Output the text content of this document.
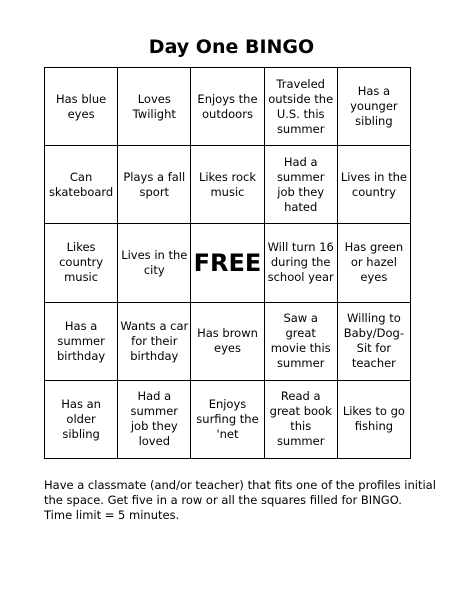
Day One BINGO
Has blue eyes
Loves Twilight
Enjoys the outdoors
Traveled outside the U.S. this summer
Has a younger sibling
Can skateboard
Plays a fall sport
Likes rock music
Had a summer job they hated
Lives in the country
Likes country music
Lives in the city	FREE
Will turn 16 during the school year
Has green or hazel eyes
Has a summer birthday
Wants a car for their birthday
Has brown eyes
Saw a great movie this summer
Willing to Baby/Dog-Sit for teacher
Has an older sibling
Had a summer job they loved
Enjoys surfing the 'net
Read a great book this summer
Likes to go fishing
Have a classmate (and/or teacher) that fits one of the profiles initial
the space. Get five in a row or all the squares filled for BINGO.
Time limit = 5 minutes.
